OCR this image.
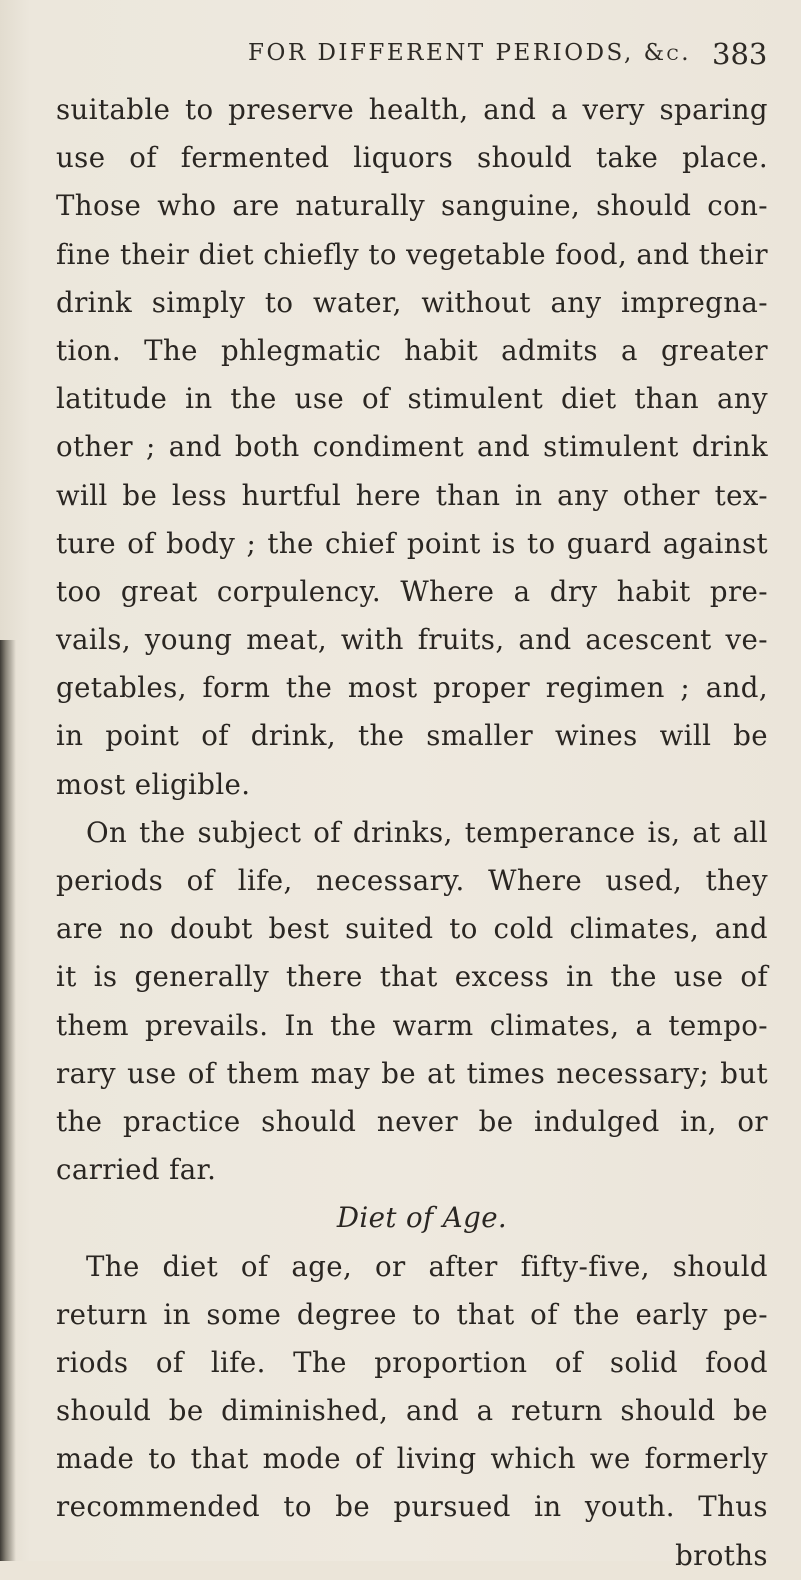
FOR DIFFERENT PERIODS, &c. 383
suitable to preserve health, and a very sparing
use of fermented liquors should take place.
Those who are naturally sanguine, should con-
fine their diet chiefly to vegetable food, and their
drink simply to water, without any impregna-
tion. The phlegmatic habit admits a greater
latitude in the use of stimulent diet than any
other ; and both condiment and stimulent drink
will be less hurtful here than in any other tex-
ture of body ; the chief point is to guard against
too great corpulency. Where a dry habit pre-
vails, young meat, with fruits, and acescent ve-
getables, form the most proper regimen ; and,
in point of drink, the smaller wines will be
most eligible.
On the subject of drinks, temperance is, at all
periods of life, necessary. Where used, they
are no doubt best suited to cold climates, and
it is generally there that excess in the use of
them prevails. In the warm climates, a tempo-
rary use of them may be at times necessary; but
the practice should never be indulged in, or
carried far.
Diet of Age.
The diet of age, or after fifty-five, should
return in some degree to that of the early pe-
riods of life. The proportion of solid food
should be diminished, and a return should be
made to that mode of living which we formerly
recommended to be pursued in youth. Thus
broths
